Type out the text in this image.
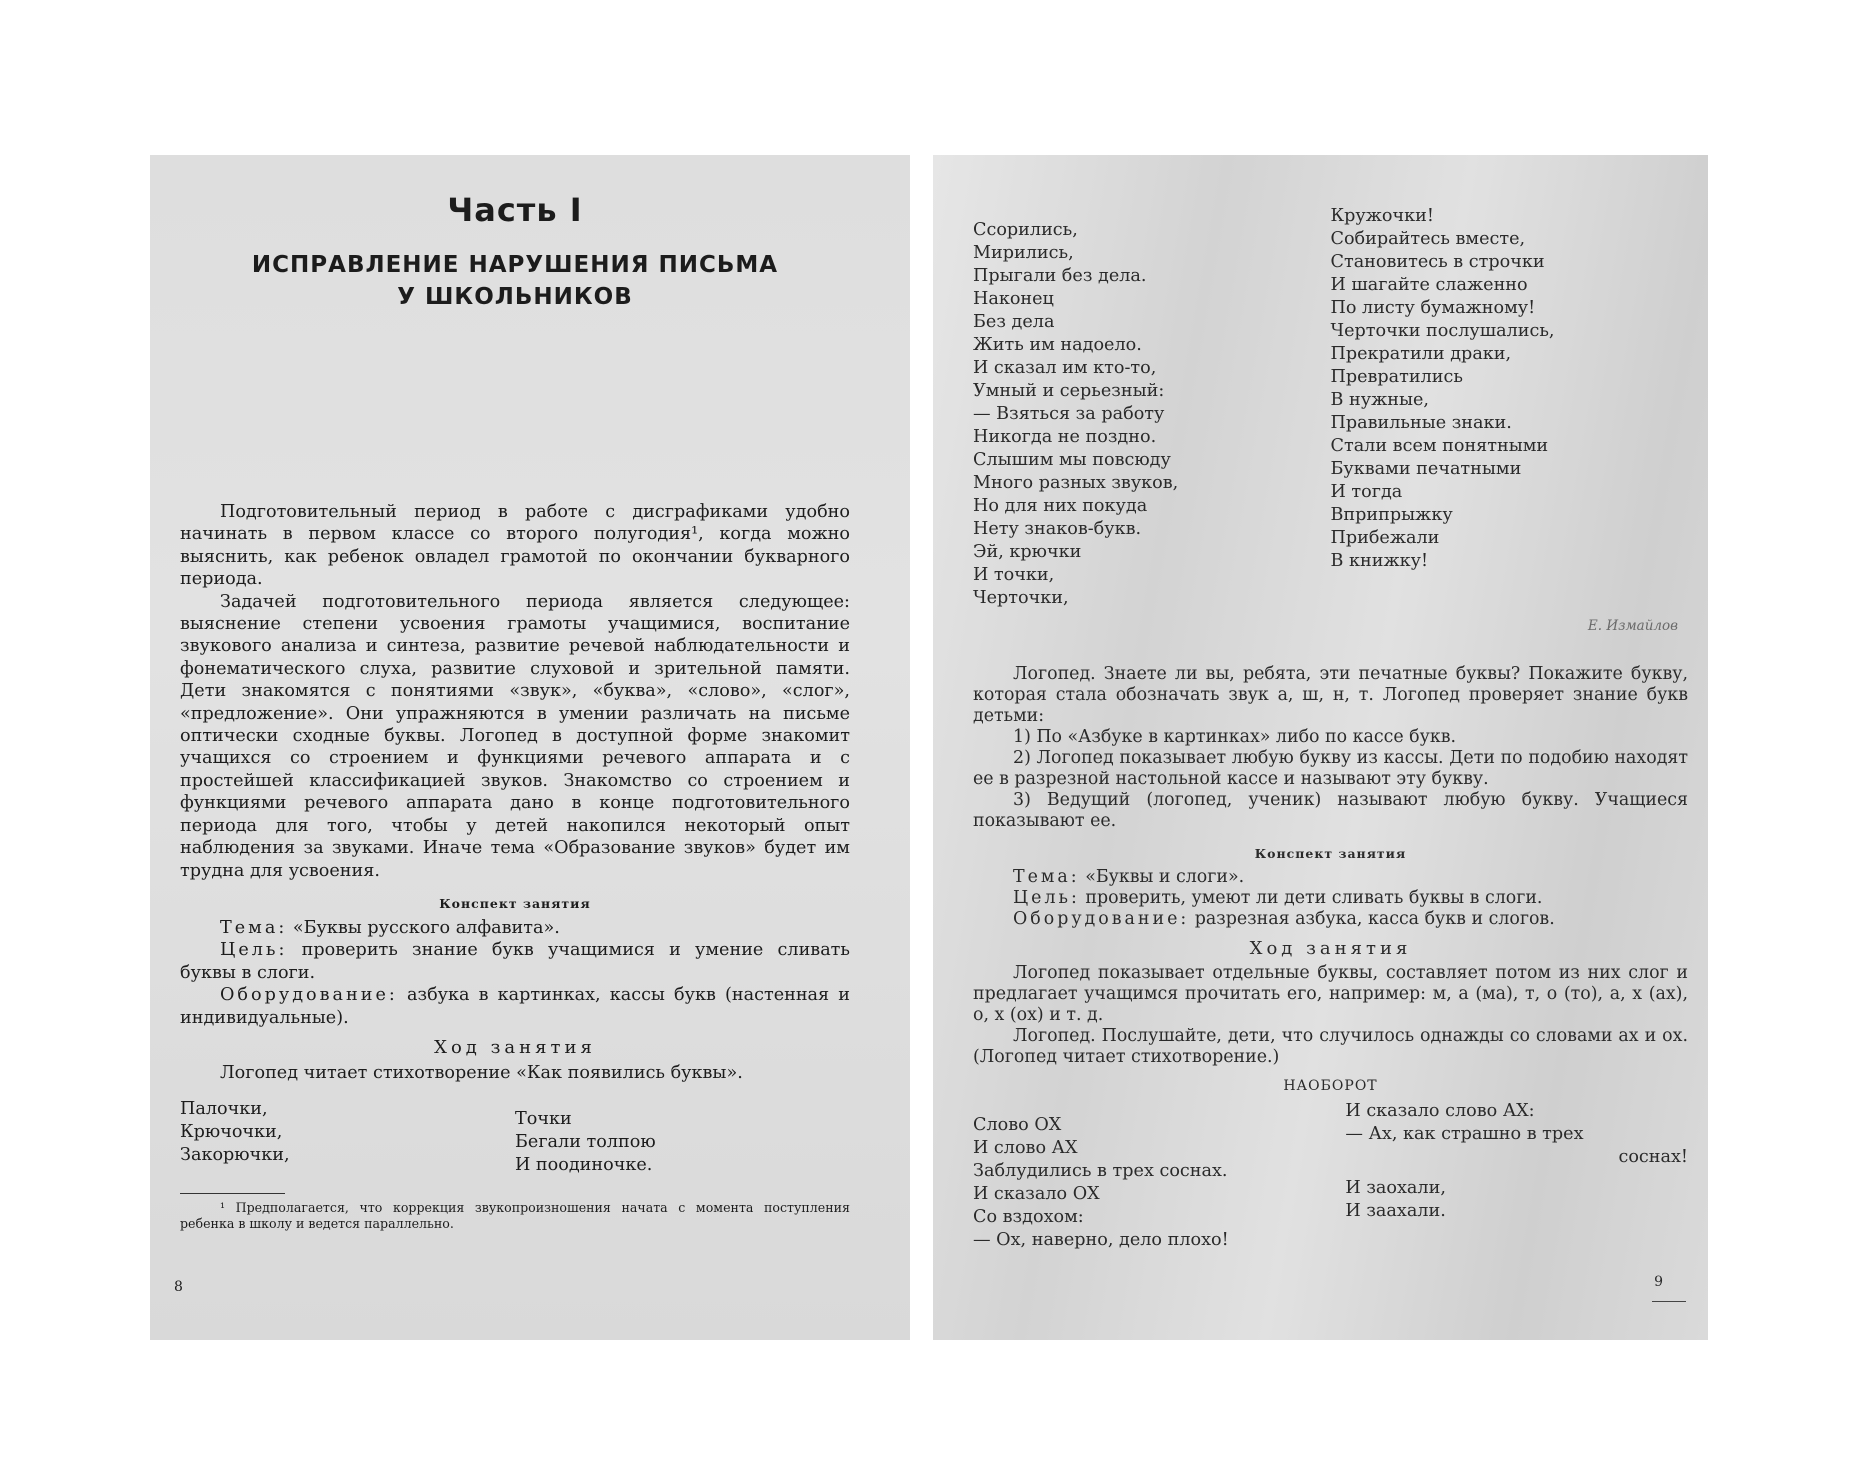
Часть I
ИСПРАВЛЕНИЕ НАРУШЕНИЯ ПИСЬМА
У ШКОЛЬНИКОВ

Подготовительный период в работе с дисграфиками удобно начинать в первом классе со второго полугодия¹, когда можно выяснить, как ребенок овладел грамотой по окончании букварного периода.

Задачей подготовительного периода является следующее: выяснение степени усвоения грамоты учащимися, воспитание звукового анализа и синтеза, развитие речевой наблюдательности и фонематического слуха, развитие слуховой и зрительной памяти. Дети знакомятся с понятиями «звук», «буква», «слово», «слог», «предложение». Они упражняются в умении различать на письме оптически сходные буквы. Логопед в доступной форме знакомит учащихся со строением и функциями речевого аппарата и с простейшей классификацией звуков. Знакомство со строением и функциями речевого аппарата дано в конце подготовительного периода для того, чтобы у детей накопился некоторый опыт наблюдения за звуками. Иначе тема «Образование звуков» будет им трудна для усвоения.

Конспект занятия

Тема: «Буквы русского алфавита».

Цель: проверить знание букв учащимися и умение сливать буквы в слоги.

Оборудование: азбука в картинках, кассы букв (настенная и индивидуальные).

Ход занятия

Логопед читает стихотворение «Как появились буквы».

Палочки,
Крючочки,
Закорючки,
Точки
Бегали толпою
И поодиночке.

¹ Предполагается, что коррекция звукопроизношения начата с момента поступления ребенка в школу и ведется параллельно.

8
Ссорились,
Мирились,
Прыгали без дела.
Наконец
Без дела
Жить им надоело.
И сказал им кто-то,
Умный и серьезный:
— Взяться за работу
Никогда не поздно.
Слышим мы повсюду
Много разных звуков,
Но для них покуда
Нету знаков-букв.
Эй, крючки
И точки,
Черточки,
Кружочки!
Собирайтесь вместе,
Становитесь в строчки
И шагайте слаженно
По листу бумажному!
Черточки послушались,
Прекратили драки,
Превратились
В нужные,
Правильные знаки.
Стали всем понятными
Буквами печатными
И тогда
Вприпрыжку
Прибежали
В книжку!
Е. Измайлов

Логопед. Знаете ли вы, ребята, эти печатные буквы? Покажите букву, которая стала обозначать звук а, ш, н, т. Логопед проверяет знание букв детьми:

1) По «Азбуке в картинках» либо по кассе букв.

2) Логопед показывает любую букву из кассы. Дети по подобию находят ее в разрезной настольной кассе и называют эту букву.

3) Ведущий (логопед, ученик) называют любую букву. Учащиеся показывают ее.

Конспект занятия

Тема: «Буквы и слоги».

Цель: проверить, умеют ли дети сливать буквы в слоги.

Оборудование: разрезная азбука, касса букв и слогов.

Ход занятия

Логопед показывает отдельные буквы, составляет потом из них слог и предлагает учащимся прочитать его, например: м, а (ма), т, о (то), а, х (ах), о, х (ох) и т. д.

Логопед. Послушайте, дети, что случилось однажды со словами ах и ох. (Логопед читает стихотворение.)

НАОБОРОТ
Слово ОХ
И слово АХ
Заблудились в трех соснах.
И сказало ОХ
Со вздохом:
— Ох, наверно, дело плохо!
И сказало слово АХ:
— Ах, как страшно в трех
соснах!
И заохали,
И заахали.
9
